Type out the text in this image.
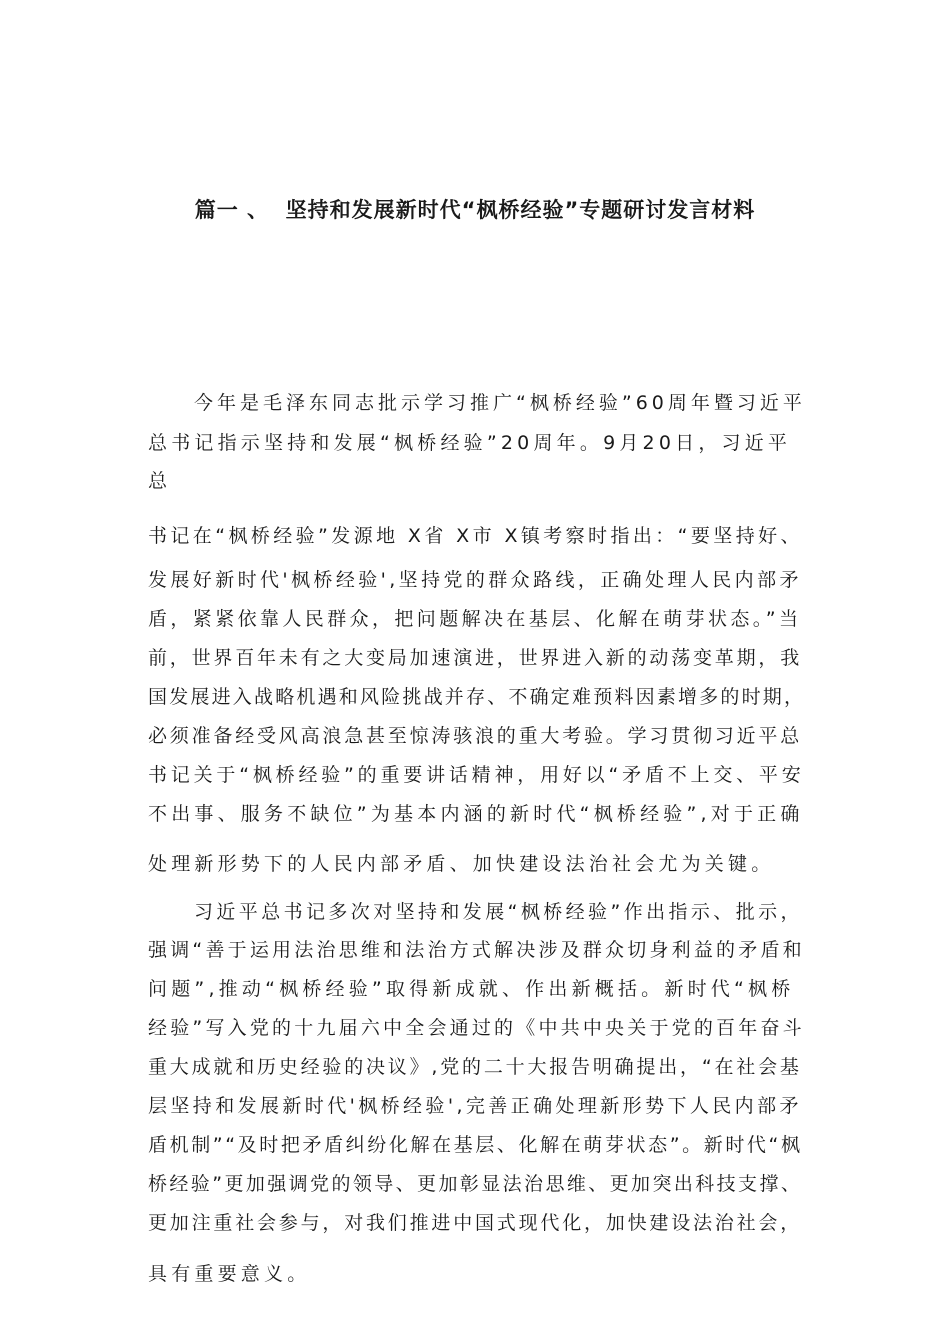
篇一 、  坚持和发展新时代“枫桥经验”专题研讨发言材料
今年是毛泽东同志批示学习推广“枫桥经验”60周年暨习近平
总书记指示坚持和发展“枫桥经验”20周年。9月20日，习近平
总
书记在“枫桥经验”发源地 X省 X市 X镇考察时指出：“要坚持好、
发展好新时代'枫桥经验',坚持党的群众路线，正确处理人民内部矛
盾，紧紧依靠人民群众，把问题解决在基层、化解在萌芽状态。”当
前，世界百年未有之大变局加速演进，世界进入新的动荡变革期，我
国发展进入战略机遇和风险挑战并存、不确定难预料因素增多的时期，
必须准备经受风高浪急甚至惊涛骇浪的重大考验。学习贯彻习近平总
书记关于“枫桥经验”的重要讲话精神，用好以“矛盾不上交、平安
不出事、服务不缺位”为基本内涵的新时代“枫桥经验”,对于正确
处理新形势下的人民内部矛盾、加快建设法治社会尤为关键。
习近平总书记多次对坚持和发展“枫桥经验”作出指示、批示，
强调“善于运用法治思维和法治方式解决涉及群众切身利益的矛盾和
问题”,推动“枫桥经验”取得新成就、作出新概括。新时代“枫桥
经验”写入党的十九届六中全会通过的《中共中央关于党的百年奋斗
重大成就和历史经验的决议》,党的二十大报告明确提出，“在社会基
层坚持和发展新时代'枫桥经验',完善正确处理新形势下人民内部矛
盾机制”“及时把矛盾纠纷化解在基层、化解在萌芽状态”。新时代“枫
桥经验”更加强调党的领导、更加彰显法治思维、更加突出科技支撑、
更加注重社会参与，对我们推进中国式现代化，加快建设法治社会，
具有重要意义。
